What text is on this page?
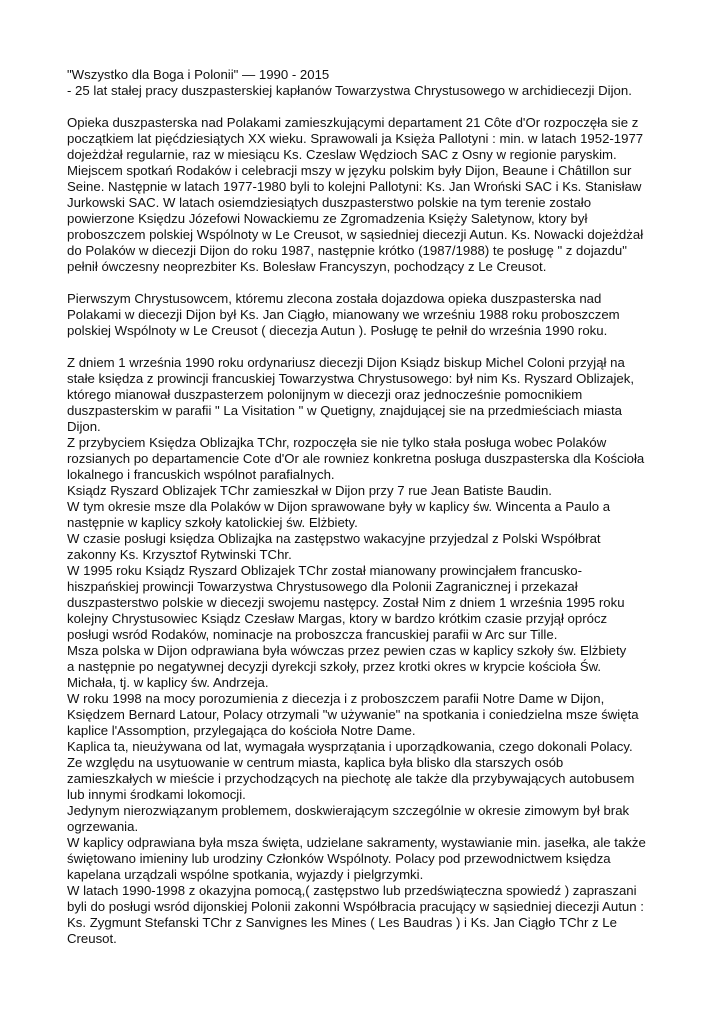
"Wszystko dla Boga i Polonii" — 1990 - 2015
- 25 lat stałej pracy duszpasterskiej kapłanów Towarzystwa Chrystusowego w archidiecezji Dijon.
Opieka duszpasterska nad Polakami zamieszkującymi departament 21 Côte d'Or rozpoczęła sie z
początkiem lat pięćdziesiątych XX wieku. Sprawowali ja Księża Pallotyni : min. w latach 1952-1977
dojeżdżał regularnie, raz w miesiącu Ks. Czeslaw Wędzioch SAC z Osny w regionie paryskim.
Miejscem spotkań Rodaków i celebracji mszy w języku polskim były Dijon, Beaune i Châtillon sur
Seine. Następnie w latach 1977-1980 byli to kolejni Pallotyni: Ks. Jan Wroński SAC i Ks. Stanisław
Jurkowski SAC. W latach osiemdziesiątych duszpasterstwo polskie na tym terenie zostało
powierzone Księdzu Józefowi Nowackiemu ze Zgromadzenia Księży Saletynow, ktory był
proboszczem polskiej Wspólnoty w Le Creusot, w sąsiedniej diecezji Autun. Ks. Nowacki dojeżdżał
do Polaków w diecezji Dijon do roku 1987, następnie krótko (1987/1988) te posługę " z dojazdu"
pełnił ówczesny neoprezbiter Ks. Bolesław Francyszyn, pochodzący z Le Creusot.
Pierwszym Chrystusowcem, któremu zlecona została dojazdowa opieka duszpasterska nad
Polakami w diecezji Dijon był Ks. Jan Ciągło, mianowany we wrześniu 1988 roku proboszczem
polskiej Wspólnoty w Le Creusot ( diecezja Autun ). Posługę te pełnił do września 1990 roku.
Z dniem 1 września 1990 roku ordynariusz diecezji Dijon Ksiądz biskup Michel Coloni przyjął na
stałe księdza z prowincji francuskiej Towarzystwa Chrystusowego: był nim Ks. Ryszard Oblizajek,
którego mianował duszpasterzem polonijnym w diecezji oraz jednocześnie pomocnikiem
duszpasterskim w parafii " La Visitation " w Quetigny, znajdującej sie na przedmieściach miasta
Dijon.
Z przybyciem Księdza Oblizajka TChr, rozpoczęła sie nie tylko stała posługa wobec Polaków
rozsianych po departamencie Cote d'Or ale rowniez konkretna posługa duszpasterska dla Kościoła
lokalnego i francuskich wspólnot parafialnych.
Ksiądz Ryszard Oblizajek TChr zamieszkał w Dijon przy 7 rue Jean Batiste Baudin.
W tym okresie msze dla Polaków w Dijon sprawowane były w kaplicy św. Wincenta a Paulo a
następnie w kaplicy szkoły katolickiej św. Elżbiety.
W czasie posługi księdza Oblizajka na zastępstwo wakacyjne przyjedzal z Polski Współbrat
zakonny Ks. Krzysztof Rytwinski TChr.
W 1995 roku Ksiądz Ryszard Oblizajek TChr został mianowany prowincjałem francusko-
hiszpańskiej prowincji Towarzystwa Chrystusowego dla Polonii Zagranicznej i przekazał
duszpasterstwo polskie w diecezji swojemu następcy. Został Nim z dniem 1 września 1995 roku
kolejny Chrystusowiec Ksiądz Czesław Margas, ktory w bardzo krótkim czasie przyjął oprócz
posługi wsród Rodaków, nominacje na proboszcza francuskiej parafii w Arc sur Tille.
Msza polska w Dijon odprawiana była wówczas przez pewien czas w kaplicy szkoły św. Elżbiety
a następnie po negatywnej decyzji dyrekcji szkoły, przez krotki okres w krypcie kościoła Św.
Michała, tj. w kaplicy św. Andrzeja.
W roku 1998 na mocy porozumienia z diecezja i z proboszczem parafii Notre Dame w Dijon,
Księdzem Bernard Latour, Polacy otrzymali "w używanie" na spotkania i coniedzielna msze święta
kaplice l'Assomption, przylegająca do kościoła Notre Dame.
Kaplica ta, nieużywana od lat, wymagała wysprzątania i uporządkowania, czego dokonali Polacy.
Ze względu na usytuowanie w centrum miasta, kaplica była blisko dla starszych osób
zamieszkałych w mieście i przychodzących na piechotę ale także dla przybywających autobusem
lub innymi środkami lokomocji.
Jedynym nierozwiązanym problemem, doskwierającym szczególnie w okresie zimowym był brak
ogrzewania.
W kaplicy odprawiana była msza święta, udzielane sakramenty, wystawianie min. jasełka, ale także
świętowano imieniny lub urodziny Członków Wspólnoty. Polacy pod przewodnictwem księdza
kapelana urządzali wspólne spotkania, wyjazdy i pielgrzymki.
W latach 1990-1998 z okazyjna pomocą,( zastępstwo lub przedświąteczna spowiedź ) zapraszani
byli do posługi wsród dijonskiej Polonii zakonni Współbracia pracujący w sąsiedniej diecezji Autun :
Ks. Zygmunt Stefanski TChr z Sanvignes les Mines ( Les Baudras ) i Ks. Jan Ciągło TChr z Le
Creusot.
